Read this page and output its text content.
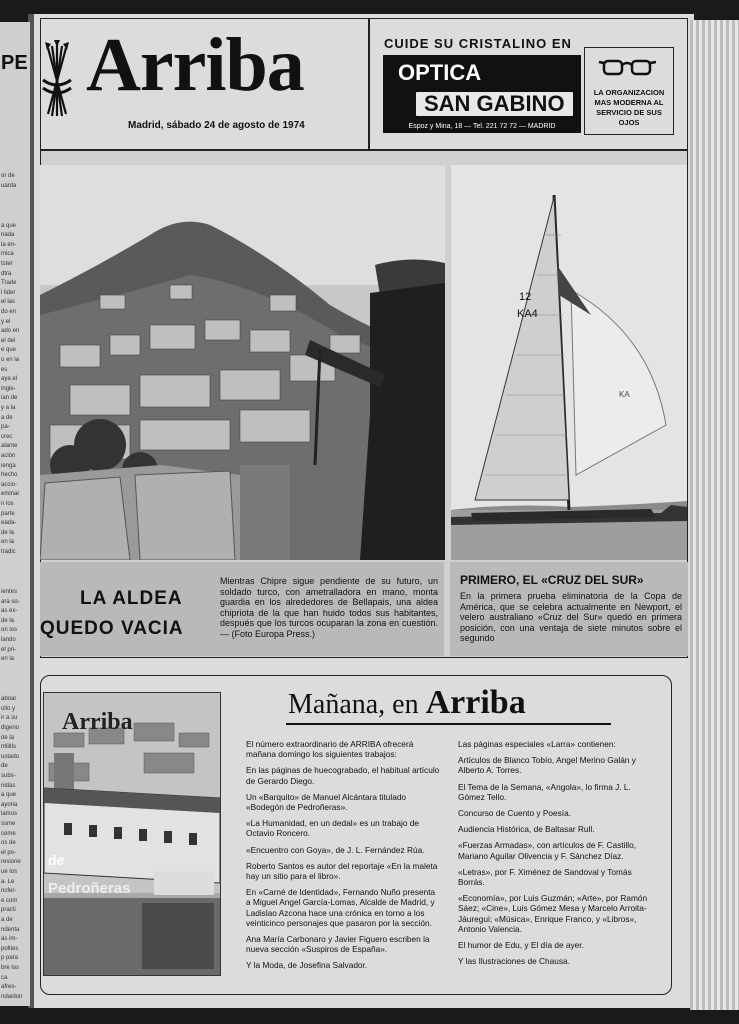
PE
or de
uarda
a que
nada
la en-
mica
tster
dtra
Trade
l lider
el las
do en
y el
ado en
el del
e que
o en la
es
aya el
ingle-
ian de
y a la
a de
pa-
crec
alante
ación
ienga
hecho
accio-
eminar
n los
parte
eada-
de la
en la
tradic
ientes
ara so-
as ex-
de la
on ios
lando
el pri-
en la
aboar
ollo y
ir a su
digeno
de la
ntilitis
ustado
de
subs-
nidas
a que
ayoria
lamos
ssme
ceme
os de
el po-
resione
ue los
a. Le
ncfer-
e com
practi
a de
ndenta
as im-
polties
p para
bre los
ca
afres-
ndaidon
Arriba
Madrid, sábado 24 de agosto de 1974
CUIDE SU CRISTALINO EN
OPTICA
SAN GABINO
Espoz y Mina, 18 — Tel. 221 72 72 — MADRID
LA ORGANIZACION MAS MODERNA AL SERVICIO DE SUS OJOS
12
KA4
KA
LA ALDEA
QUEDO VACIA
Mientras Chipre sigue pendiente de su futuro, un soldado turco, con ametralladora en mano, monta guardia en los alrededores de Bellapais, una aldea chipriota de la que han huido todos sus habitantes, después que los turcos ocuparan la zona en cuestión. — (Foto Europa Press.)
PRIMERO, EL «CRUZ DEL SUR»
En la primera prueba eliminatoria de la Copa de América, que se celebra actualmente en Newport, el velero australiano «Cruz del Sur» quedó en primera posición, con una ventaja de siete minutos sobre el segundo
Arriba
de
Pedroñeras
Mañana, en Arriba

El número extraordinario de ARRIBA ofrecerá mañana domingo los siguientes trabajos:

En las páginas de huecograbado, el habitual artículo de Gerardo Diego.

Un «Barquito» de Manuel Alcántara titulado «Bodegón de Pedroñeras».

«La Humanidad, en un dedal» es un trabajo de Octavio Roncero.

«Encuentro con Goya», de J. L. Fernández Rúa.

Roberto Santos es autor del reportaje «En la maleta hay un sitio para el libro».

En «Carné de Identidad», Fernando Nuño presenta a Miguel Angel García-Lomas, Alcalde de Madrid, y Ladislao Azcona hace una crónica en torno a los veinticinco personajes que pasaron por la sección.

Ana María Carbonaro y Javier Figuero escriben la nueva sección «Suspiros de España».

Y la Moda, de Josefina Salvador.

Las páginas especiales «Larra» contienen:

Artículos de Blanco Tobío, Angel Merino Galán y Alberto A. Torres.

El Tema de la Semana, «Angola», lo firma J. L. Gómez Tello.

Concurso de Cuento y Poesía.

Audiencia Histórica, de Baltasar Rull.

«Fuerzas Armadas», con artículos de F. Castillo, Mariano Aguilar Olivencia y F. Sánchez Díaz.

«Letras», por F. Ximénez de Sandoval y Tomás Borrás.

«Economía», por Luis Guzmán; «Arte», por Ramón Sáez; «Cine», Luis Gómez Mesa y Marcelo Arroita-Jáuregui; «Música», Enrique Franco, y «Libros», Antonio Valencia.

El humor de Edu, y El día de ayer.

Y las Ilustraciones de Chausa.
